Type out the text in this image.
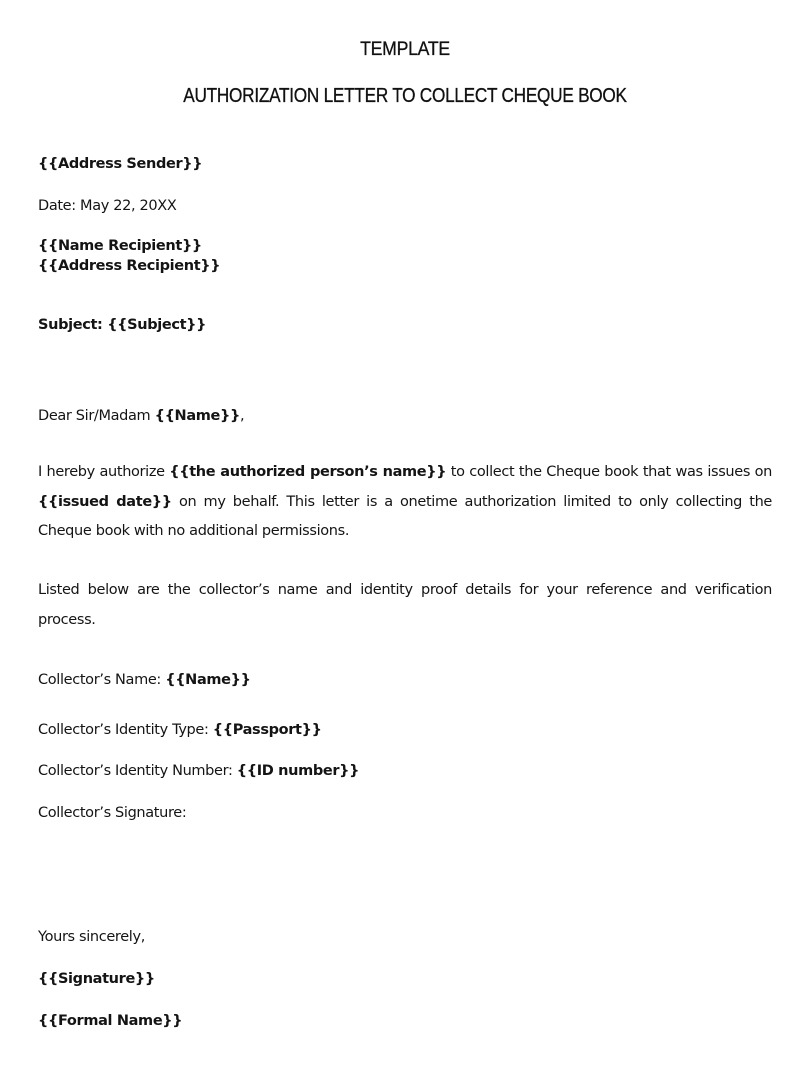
TEMPLATE
AUTHORIZATION LETTER TO COLLECT CHEQUE BOOK
{{Address Sender}}
Date: May 22, 20XX
{{Name Recipient}}
{{Address Recipient}}
Subject: {{Subject}}
Dear Sir/Madam {{Name}},
I hereby authorize {{the authorized person’s name}} to collect the Cheque book that was issues on
{{issued date}} on my behalf. This letter is a onetime authorization limited to only collecting the
Cheque book with no additional permissions.
Listed below are the collector’s name and identity proof details for your reference and verification
process.
Collector’s Name: {{Name}}
Collector’s Identity Type: {{Passport}}
Collector’s Identity Number: {{ID number}}
Collector’s Signature:
Yours sincerely,
{{Signature}}
{{Formal Name}}
